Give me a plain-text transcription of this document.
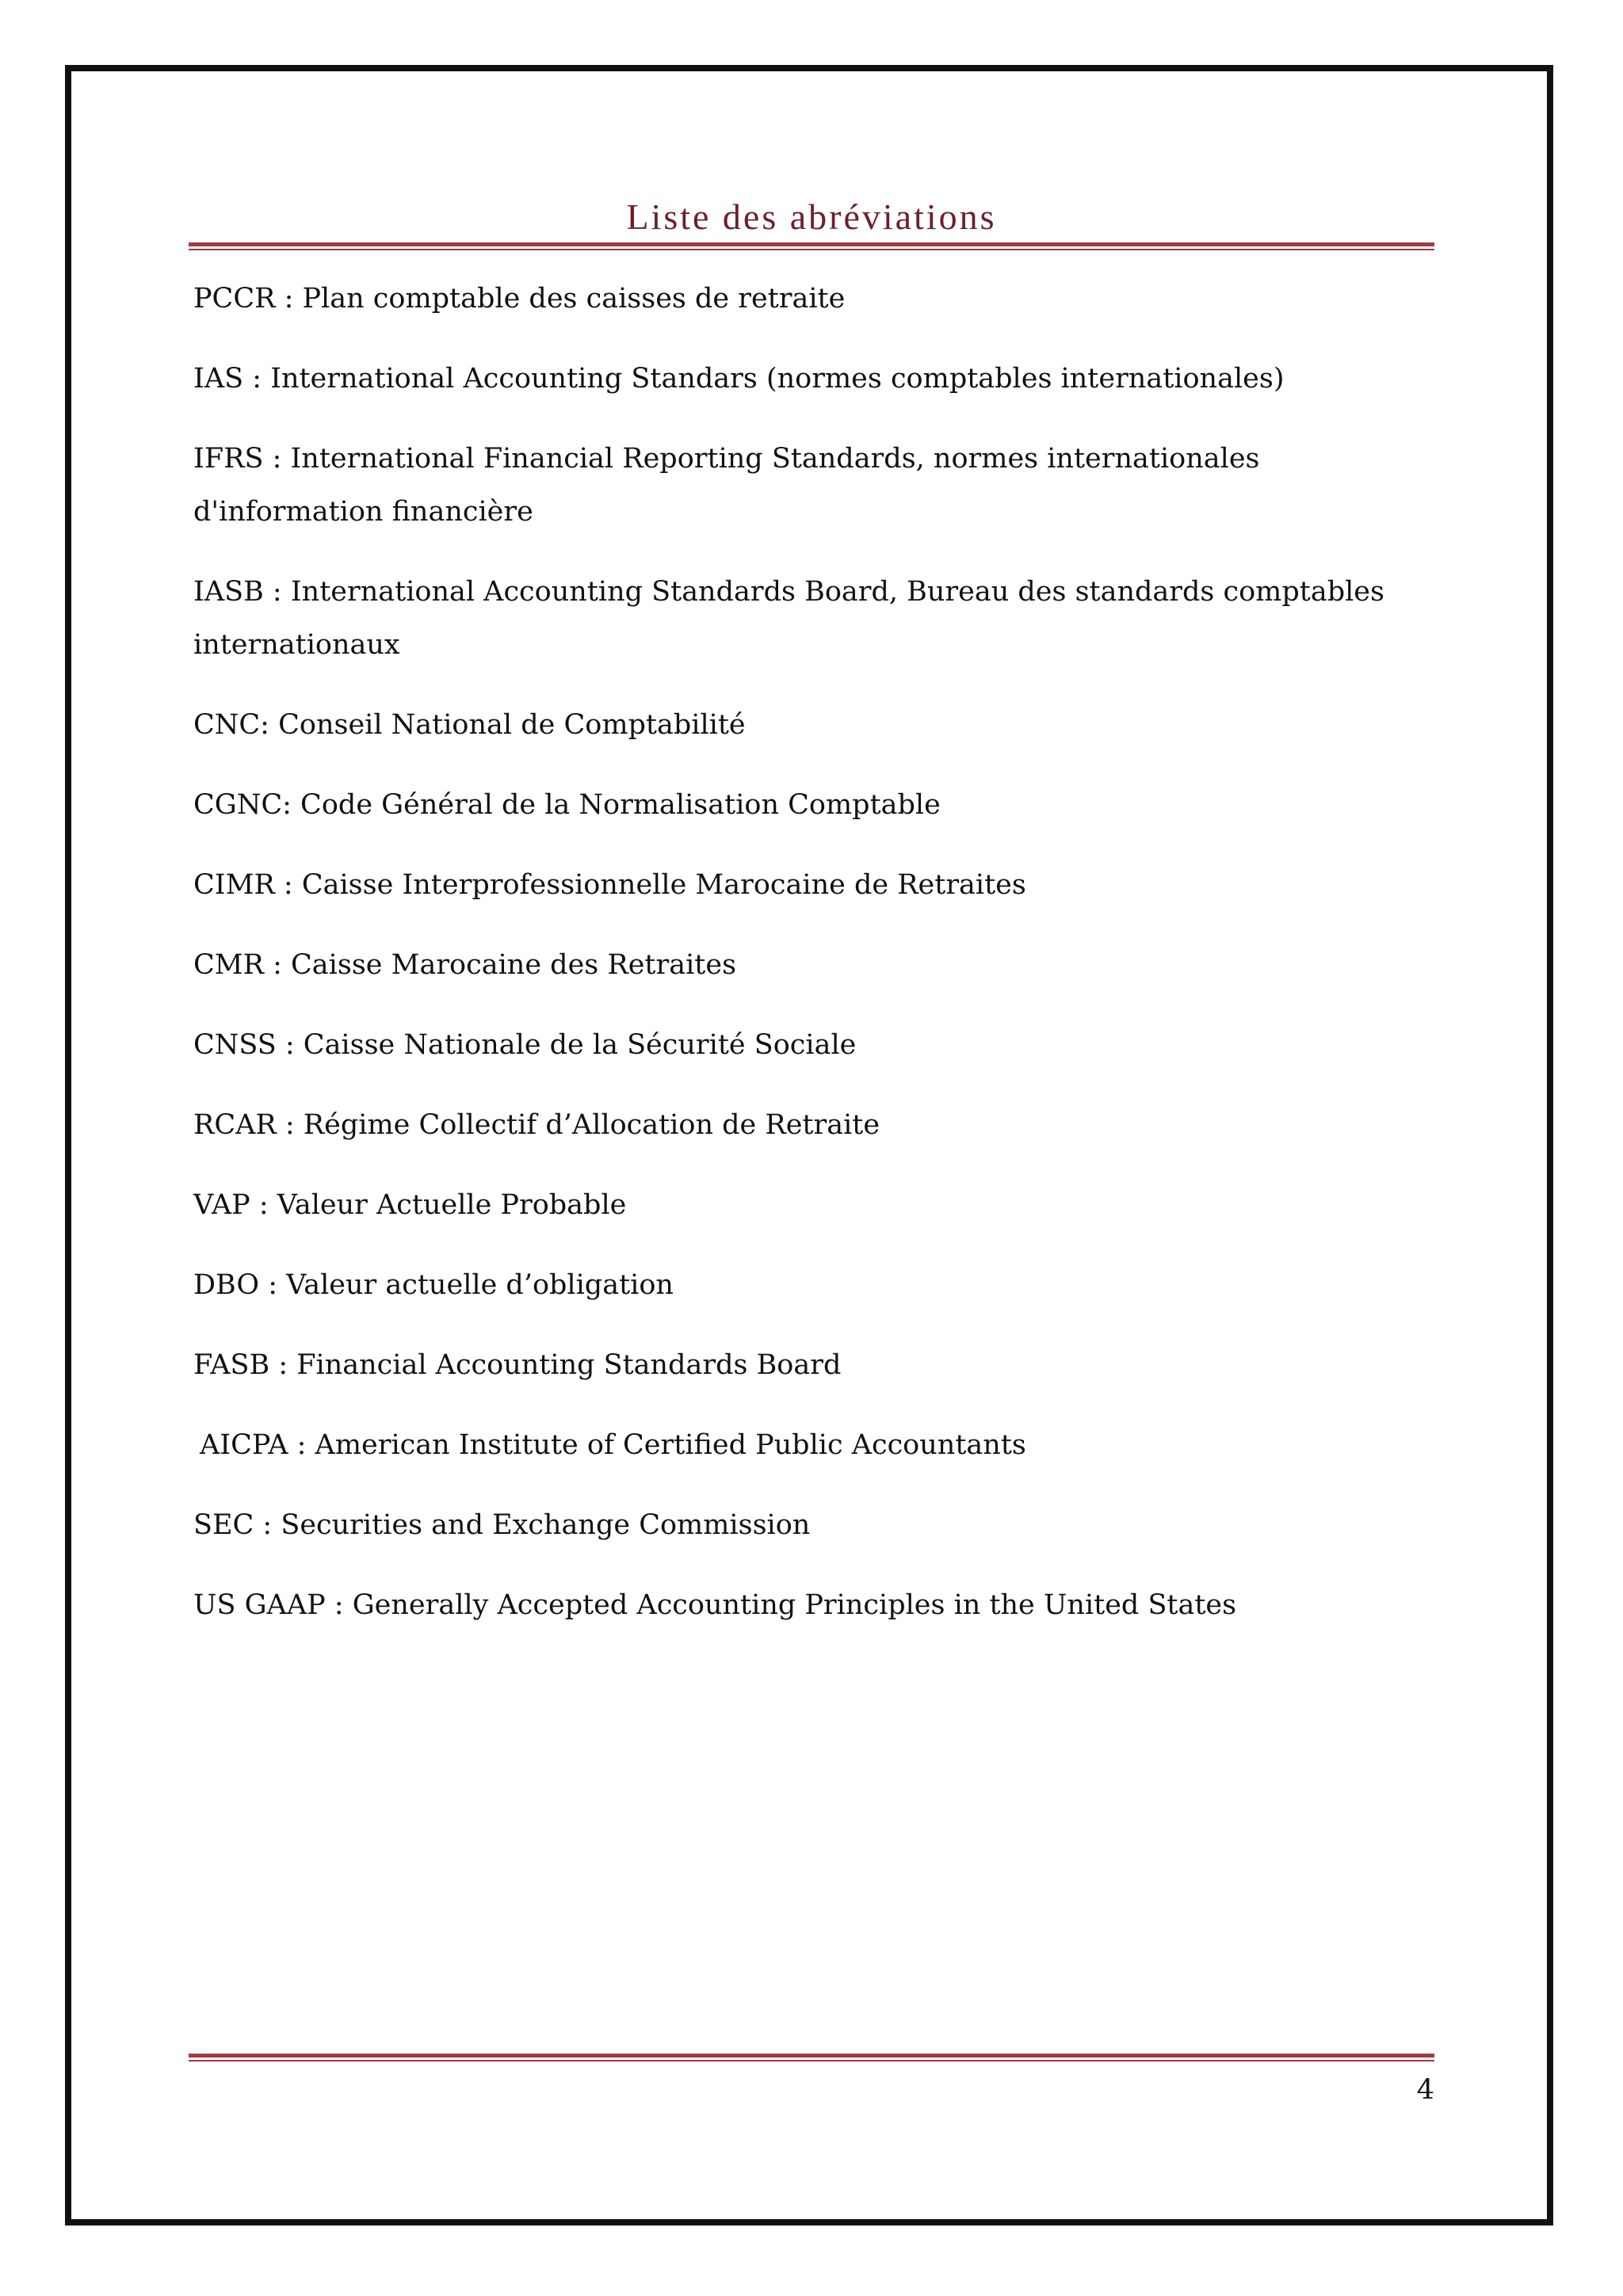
Liste des abréviations
PCCR : Plan comptable des caisses de retraite
IAS : International Accounting Standars (normes comptables internationales)
IFRS : International Financial Reporting Standards, normes internationales d'information financière
IASB : International Accounting Standards Board, Bureau des standards comptables internationaux
CNC: Conseil National de Comptabilité
CGNC: Code Général de la Normalisation Comptable
CIMR : Caisse Interprofessionnelle Marocaine de Retraites
CMR : Caisse Marocaine des Retraites
CNSS : Caisse Nationale de la Sécurité Sociale
RCAR : Régime Collectif d’Allocation de Retraite
VAP : Valeur Actuelle Probable
DBO : Valeur actuelle d’obligation
FASB : Financial Accounting Standards Board
AICPA : American Institute of Certified Public Accountants
SEC : Securities and Exchange Commission
US GAAP : Generally Accepted Accounting Principles in the United States
4
